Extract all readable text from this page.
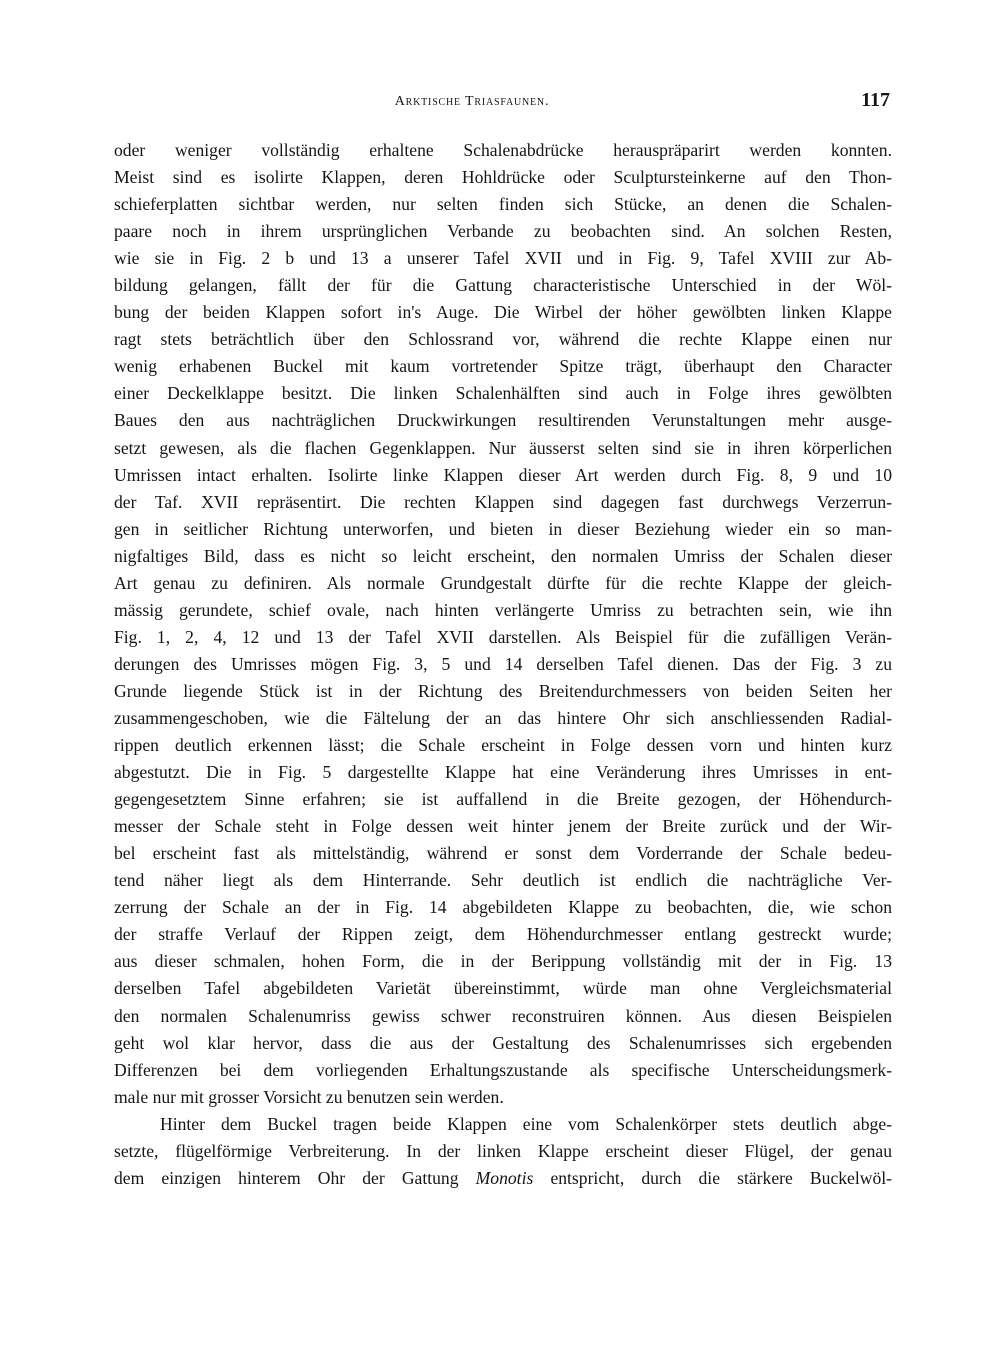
Arktische Triasfaunen.	117
oder weniger vollständig erhaltene Schalenabdrücke herauspräparirt werden konnten.
Meist sind es isolirte Klappen, deren Hohldrücke oder Sculptursteinkerne auf den Thon-
schieferplatten sichtbar werden, nur selten finden sich Stücke, an denen die Schalen-
paare noch in ihrem ursprünglichen Verbande zu beobachten sind. An solchen Resten,
wie sie in Fig. 2 b und 13 a unserer Tafel XVII und in Fig. 9, Tafel XVIII zur Ab-
bildung gelangen, fällt der für die Gattung characteristische Unterschied in der Wöl-
bung der beiden Klappen sofort in's Auge. Die Wirbel der höher gewölbten linken Klappe
ragt stets beträchtlich über den Schlossrand vor, während die rechte Klappe einen nur
wenig erhabenen Buckel mit kaum vortretender Spitze trägt, überhaupt den Character
einer Deckelklappe besitzt. Die linken Schalenhälften sind auch in Folge ihres gewölbten
Baues den aus nachträglichen Druckwirkungen resultirenden Verunstaltungen mehr ausge-
setzt gewesen, als die flachen Gegenklappen. Nur äusserst selten sind sie in ihren körperlichen
Umrissen intact erhalten. Isolirte linke Klappen dieser Art werden durch Fig. 8, 9 und 10
der Taf. XVII repräsentirt. Die rechten Klappen sind dagegen fast durchwegs Verzerrun-
gen in seitlicher Richtung unterworfen, und bieten in dieser Beziehung wieder ein so man-
nigfaltiges Bild, dass es nicht so leicht erscheint, den normalen Umriss der Schalen dieser
Art genau zu definiren. Als normale Grundgestalt dürfte für die rechte Klappe der gleich-
mässig gerundete, schief ovale, nach hinten verlängerte Umriss zu betrachten sein, wie ihn
Fig. 1, 2, 4, 12 und 13 der Tafel XVII darstellen. Als Beispiel für die zufälligen Verän-
derungen des Umrisses mögen Fig. 3, 5 und 14 derselben Tafel dienen. Das der Fig. 3 zu
Grunde liegende Stück ist in der Richtung des Breitendurchmessers von beiden Seiten her
zusammengeschoben, wie die Fältelung der an das hintere Ohr sich anschliessenden Radial-
rippen deutlich erkennen lässt; die Schale erscheint in Folge dessen vorn und hinten kurz
abgestutzt. Die in Fig. 5 dargestellte Klappe hat eine Veränderung ihres Umrisses in ent-
gegengesetztem Sinne erfahren; sie ist auffallend in die Breite gezogen, der Höhendurch-
messer der Schale steht in Folge dessen weit hinter jenem der Breite zurück und der Wir-
bel erscheint fast als mittelständig, während er sonst dem Vorderrande der Schale bedeu-
tend näher liegt als dem Hinterrande. Sehr deutlich ist endlich die nachträgliche Ver-
zerrung der Schale an der in Fig. 14 abgebildeten Klappe zu beobachten, die, wie schon
der straffe Verlauf der Rippen zeigt, dem Höhendurchmesser entlang gestreckt wurde;
aus dieser schmalen, hohen Form, die in der Berippung vollständig mit der in Fig. 13
derselben Tafel abgebildeten Varietät übereinstimmt, würde man ohne Vergleichsmaterial
den normalen Schalenumriss gewiss schwer reconstruiren können. Aus diesen Beispielen
geht wol klar hervor, dass die aus der Gestaltung des Schalenumrisses sich ergebenden
Differenzen bei dem vorliegenden Erhaltungszustande als specifische Unterscheidungsmerk-
male nur mit grosser Vorsicht zu benutzen sein werden.
Hinter dem Buckel tragen beide Klappen eine vom Schalenkörper stets deutlich abge-
setzte, flügelförmige Verbreiterung. In der linken Klappe erscheint dieser Flügel, der genau
dem einzigen hinterem Ohr der Gattung Monotis entspricht, durch die stärkere Buckelwöl-
